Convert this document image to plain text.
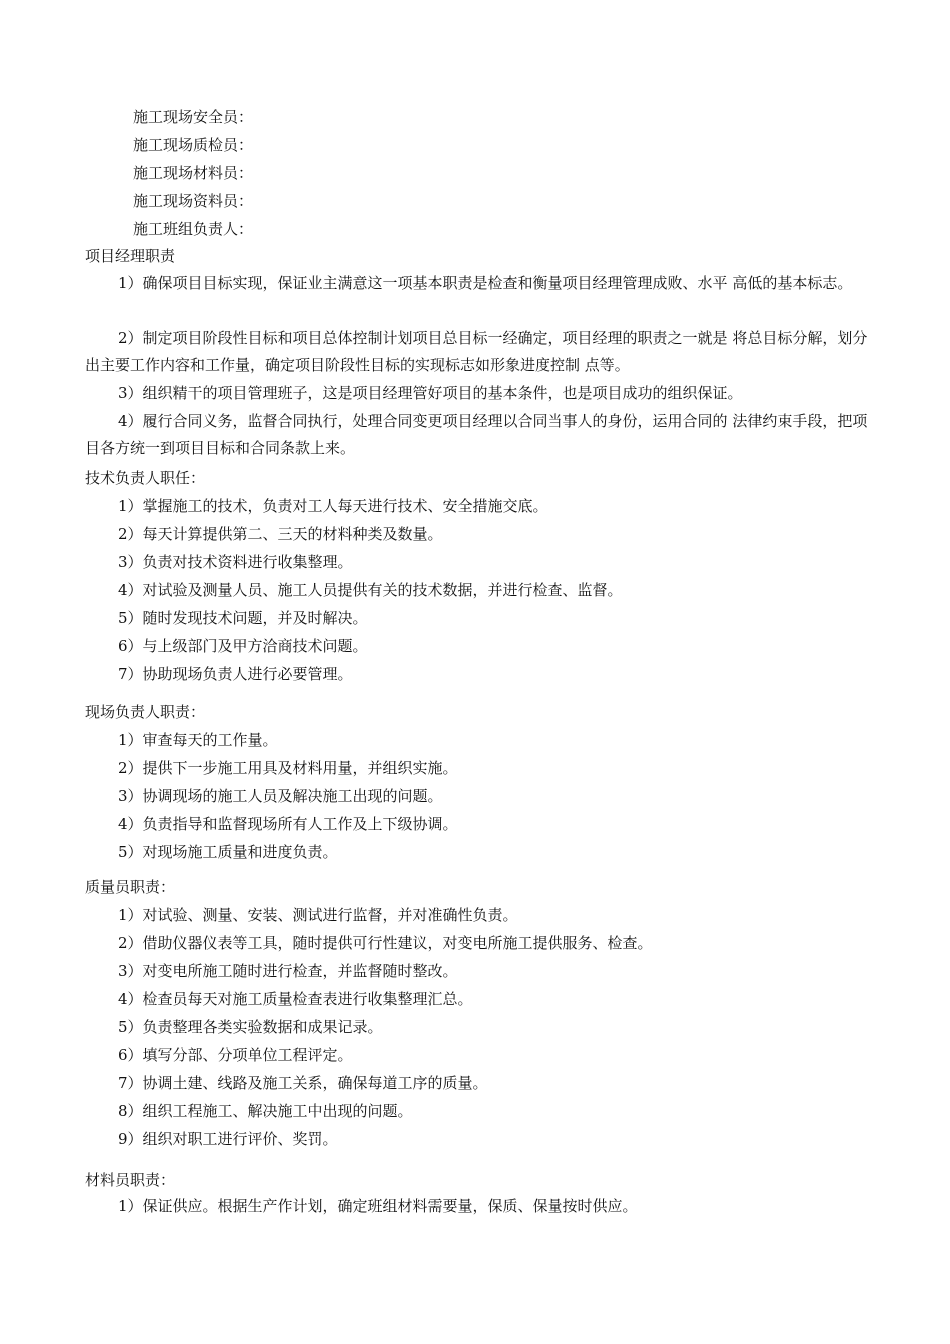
施工现场安全员：

施工现场质检员：

施工现场材料员：

施工现场资料员：

施工班组负责人：

项目经理职责

1）确保项目目标实现，保证业主满意这一项基本职责是检查和衡量项目经理管理成败、水平 高低的基本标志。

2）制定项目阶段性目标和项目总体控制计划项目总目标一经确定，项目经理的职责之一就是 将总目标分解，划分出主要工作内容和工作量，确定项目阶段性目标的实现标志如形象进度控制 点等。

3）组织精干的项目管理班子，这是项目经理管好项目的基本条件，也是项目成功的组织保证。

4）履行合同义务，监督合同执行，处理合同变更项目经理以合同当事人的身份，运用合同的 法律约束手段，把项目各方统一到项目目标和合同条款上来。

技术负责人职任：

1）掌握施工的技术，负责对工人每天进行技术、安全措施交底。

2）每天计算提供第二、三天的材料种类及数量。

3）负责对技术资料进行收集整理。

4）对试验及测量人员、施工人员提供有关的技术数据，并进行检查、监督。

5）随时发现技术问题，并及时解决。

6）与上级部门及甲方洽商技术问题。

7）协助现场负责人进行必要管理。

现场负责人职责：

1）审查每天的工作量。

2）提供下一步施工用具及材料用量，并组织实施。

3）协调现场的施工人员及解决施工出现的问题。

4）负责指导和监督现场所有人工作及上下级协调。

5）对现场施工质量和进度负责。

质量员职责：

1）对试验、测量、安装、测试进行监督，并对准确性负责。

2）借助仪器仪表等工具，随时提供可行性建议，对变电所施工提供服务、检查。

3）对变电所施工随时进行检查，并监督随时整改。

4）检查员每天对施工质量检查表进行收集整理汇总。

5）负责整理各类实验数据和成果记录。

6）填写分部、分项单位工程评定。

7）协调土建、线路及施工关系，确保每道工序的质量。

8）组织工程施工、解决施工中出现的问题。

9）组织对职工进行评价、奖罚。

材料员职责：

1）保证供应。根据生产作计划，确定班组材料需要量，保质、保量按时供应。
